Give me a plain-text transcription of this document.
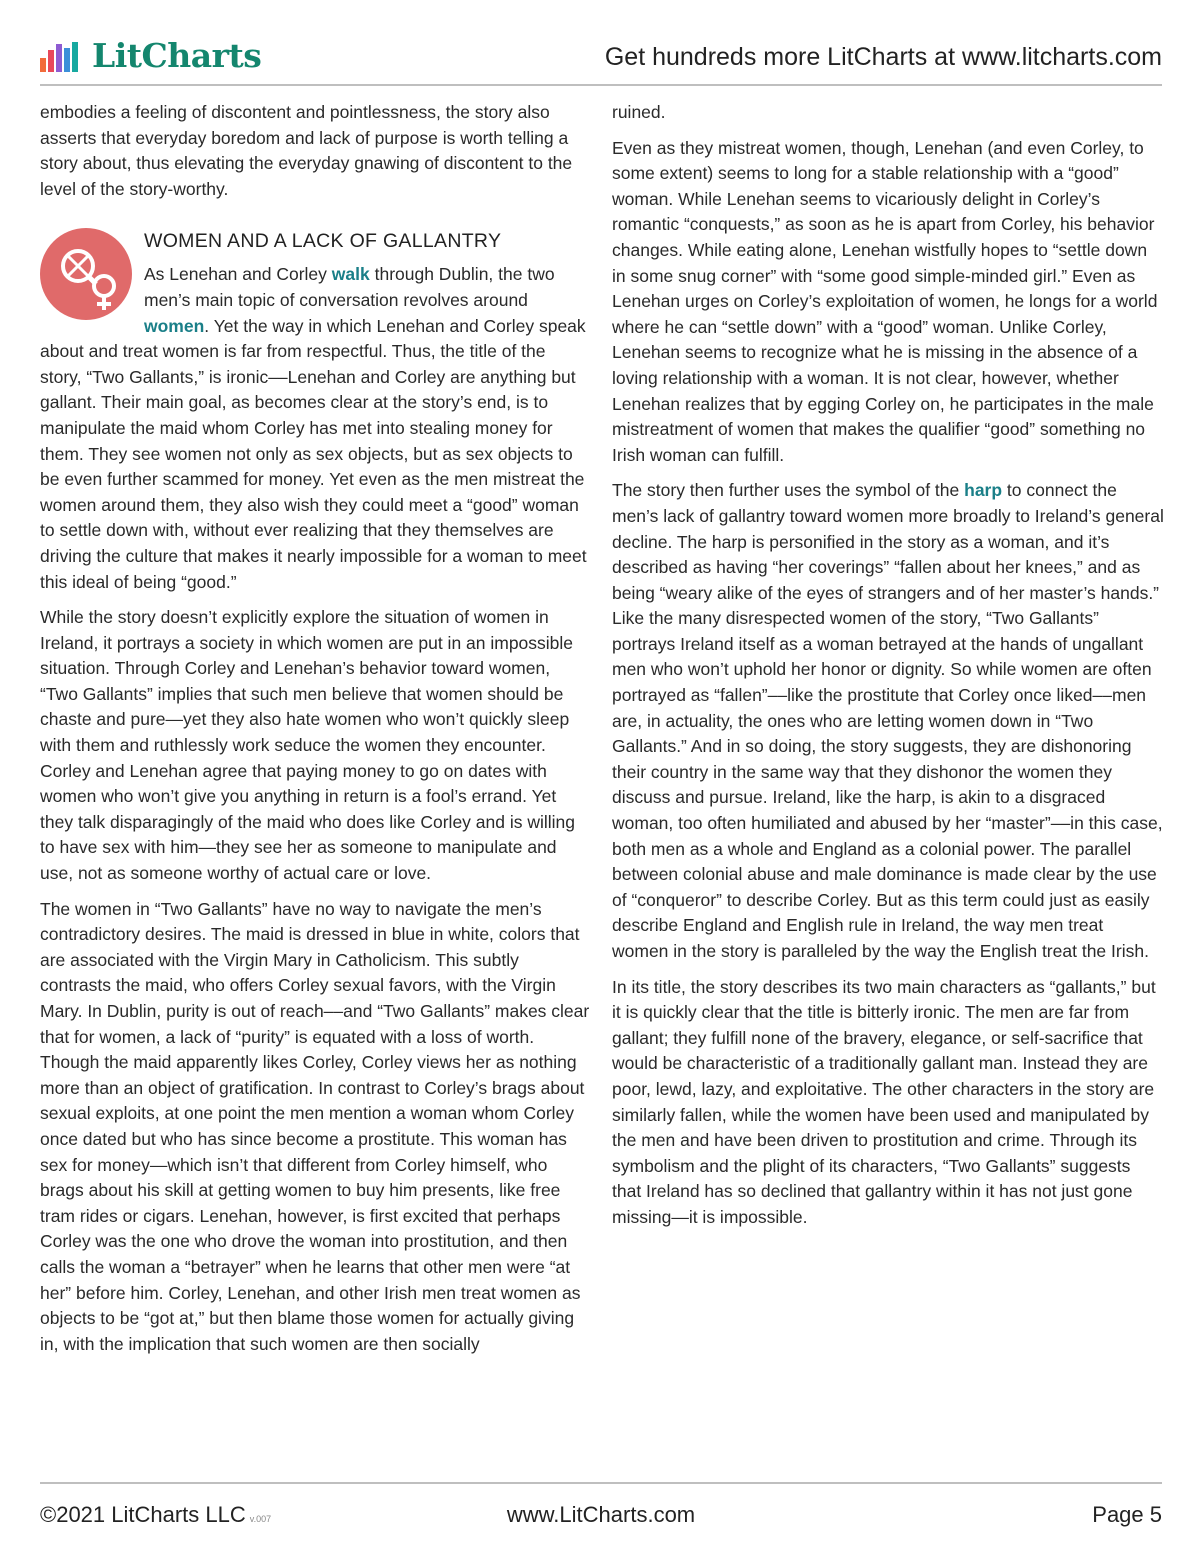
LitCharts	Get hundreds more LitCharts at www.litcharts.com

embodies a feeling of discontent and pointlessness, the story also asserts that everyday boredom and lack of purpose is worth telling a story about, thus elevating the everyday gnawing of discontent to the level of the story-worthy.

WOMEN AND A LACK OF GALLANTRY

As Lenehan and Corley walk through Dublin, the two men’s main topic of conversation revolves around women. Yet the way in which Lenehan and Corley speak about and treat women is far from respectful. Thus, the title of the story, “Two Gallants,” is ironic––Lenehan and Corley are anything but gallant. Their main goal, as becomes clear at the story’s end, is to manipulate the maid whom Corley has met into stealing money for them. They see women not only as sex objects, but as sex objects to be even further scammed for money. Yet even as the men mistreat the women around them, they also wish they could meet a “good” woman to settle down with, without ever realizing that they themselves are driving the culture that makes it nearly impossible for a woman to meet this ideal of being “good.”

While the story doesn’t explicitly explore the situation of women in Ireland, it portrays a society in which women are put in an impossible situation. Through Corley and Lenehan’s behavior toward women, “Two Gallants” implies that such men believe that women should be chaste and pure—yet they also hate women who won’t quickly sleep with them and ruthlessly work seduce the women they encounter. Corley and Lenehan agree that paying money to go on dates with women who won’t give you anything in return is a fool’s errand. Yet they talk disparagingly of the maid who does like Corley and is willing to have sex with him—they see her as someone to manipulate and use, not as someone worthy of actual care or love.

The women in “Two Gallants” have no way to navigate the men’s contradictory desires. The maid is dressed in blue in white, colors that are associated with the Virgin Mary in Catholicism. This subtly contrasts the maid, who offers Corley sexual favors, with the Virgin Mary. In Dublin, purity is out of reach––and “Two Gallants” makes clear that for women, a lack of “purity” is equated with a loss of worth. Though the maid apparently likes Corley, Corley views her as nothing more than an object of gratification. In contrast to Corley’s brags about sexual exploits, at one point the men mention a woman whom Corley once dated but who has since become a prostitute. This woman has sex for money—which isn’t that different from Corley himself, who brags about his skill at getting women to buy him presents, like free tram rides or cigars. Lenehan, however, is first excited that perhaps Corley was the one who drove the woman into prostitution, and then calls the woman a “betrayer” when he learns that other men were “at her” before him. Corley, Lenehan, and other Irish men treat women as objects to be “got at,” but then blame those women for actually giving in, with the implication that such women are then socially

ruined.

Even as they mistreat women, though, Lenehan (and even Corley, to some extent) seems to long for a stable relationship with a “good” woman. While Lenehan seems to vicariously delight in Corley’s romantic “conquests,” as soon as he is apart from Corley, his behavior changes. While eating alone, Lenehan wistfully hopes to “settle down in some snug corner” with “some good simple-minded girl.” Even as Lenehan urges on Corley’s exploitation of women, he longs for a world where he can “settle down” with a “good” woman. Unlike Corley, Lenehan seems to recognize what he is missing in the absence of a loving relationship with a woman. It is not clear, however, whether Lenehan realizes that by egging Corley on, he participates in the male mistreatment of women that makes the qualifier “good” something no Irish woman can fulfill.

The story then further uses the symbol of the harp to connect the men’s lack of gallantry toward women more broadly to Ireland’s general decline. The harp is personified in the story as a woman, and it’s described as having “her coverings” “fallen about her knees,” and as being “weary alike of the eyes of strangers and of her master’s hands.” Like the many disrespected women of the story, “Two Gallants” portrays Ireland itself as a woman betrayed at the hands of ungallant men who won’t uphold her honor or dignity. So while women are often portrayed as “fallen”––like the prostitute that Corley once liked––men are, in actuality, the ones who are letting women down in “Two Gallants.” And in so doing, the story suggests, they are dishonoring their country in the same way that they dishonor the women they discuss and pursue. Ireland, like the harp, is akin to a disgraced woman, too often humiliated and abused by her “master”––in this case, both men as a whole and England as a colonial power. The parallel between colonial abuse and male dominance is made clear by the use of “conqueror” to describe Corley. But as this term could just as easily describe England and English rule in Ireland, the way men treat women in the story is paralleled by the way the English treat the Irish.

In its title, the story describes its two main characters as “gallants,” but it is quickly clear that the title is bitterly ironic. The men are far from gallant; they fulfill none of the bravery, elegance, or self-sacrifice that would be characteristic of a traditionally gallant man. Instead they are poor, lewd, lazy, and exploitative. The other characters in the story are similarly fallen, while the women have been used and manipulated by the men and have been driven to prostitution and crime. Through its symbolism and the plight of its characters, “Two Gallants” suggests that Ireland has so declined that gallantry within it has not just gone missing—it is impossible.

©2021 LitCharts LLC v.007	www.LitCharts.com	Page 5
